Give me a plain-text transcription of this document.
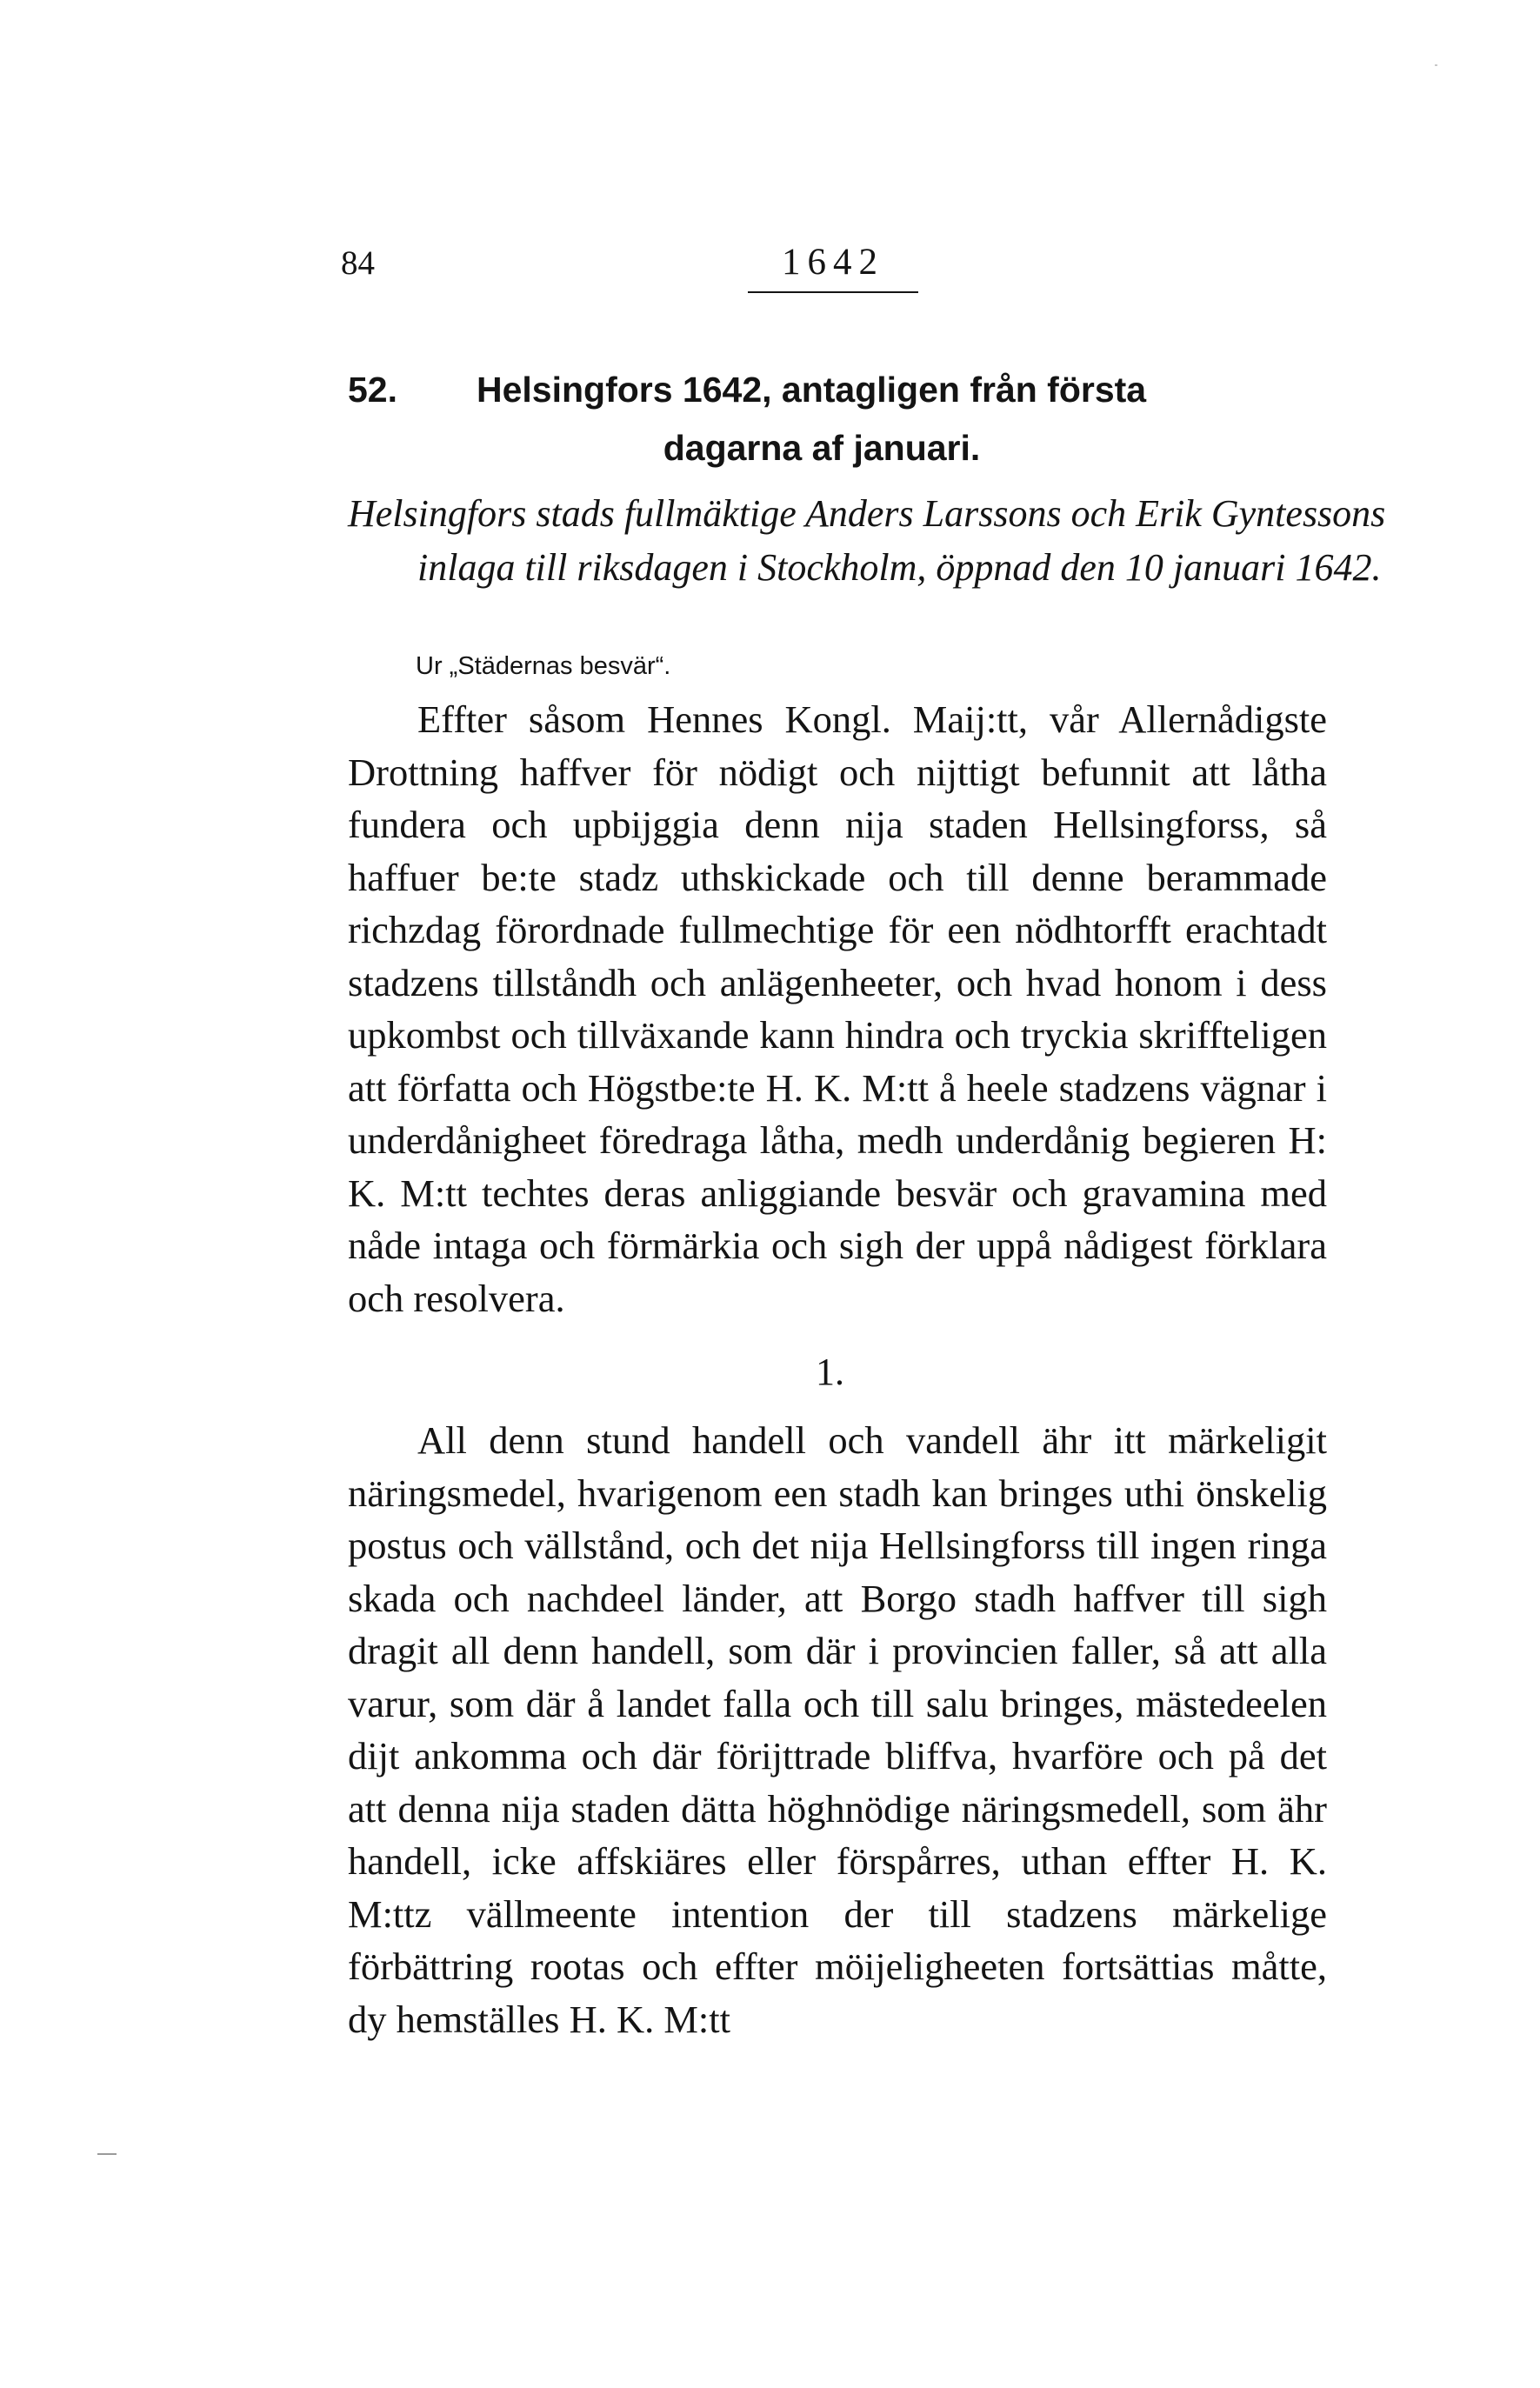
84	1642
52. Helsingfors 1642, antagligen från första
dagarna af januari.
Helsingfors stads fullmäktige Anders Larssons och Erik Gyntessons inlaga till riksdagen i Stockholm, öppnad den 10 januari 1642.
Ur „Städernas besvär“.

Effter såsom Hennes Kongl. Maij:tt, vår Allernådigste Drottning haffver för nödigt och nijttigt befunnit att låtha fundera och upbijggia denn nija staden Hellsingforss, så haffuer be:te stadz uthskickade och till denne berammade richzdag förordnade fullmechtige för een nödhtorfft erachtadt stadzens tillståndh och anlägenheeter, och hvad honom i dess upkombst och tillväxande kann hindra och tryckia skriffteligen att författa och Högstbe:te H. K. M:tt å heele stadzens vägnar i underdånigheet föredraga låtha, medh underdånig begieren H: K. M:tt techtes deras anliggiande besvär och gravamina med nåde intaga och förmärkia och sigh der uppå nådigest förklara och resolvera.

1.

All denn stund handell och vandell ähr itt märkeligit näringsmedel, hvarigenom een stadh kan bringes uthi önskelig postus och vällstånd, och det nija Hellsingforss till ingen ringa skada och nachdeel länder, att Borgo stadh haffver till sigh dragit all denn handell, som där i provincien faller, så att alla varur, som där å landet falla och till salu bringes, mästedeelen dijt ankomma och där förijttrade bliffva, hvarföre och på det att denna nija staden dätta höghnödige näringsmedell, som ähr handell, icke affskiäres eller förspårres, uthan effter H. K. M:ttz vällmeente intention der till stadzens märkelige förbättring rootas och effter möijeligheeten fortsättias måtte, dy hemställes H. K. M:tt
